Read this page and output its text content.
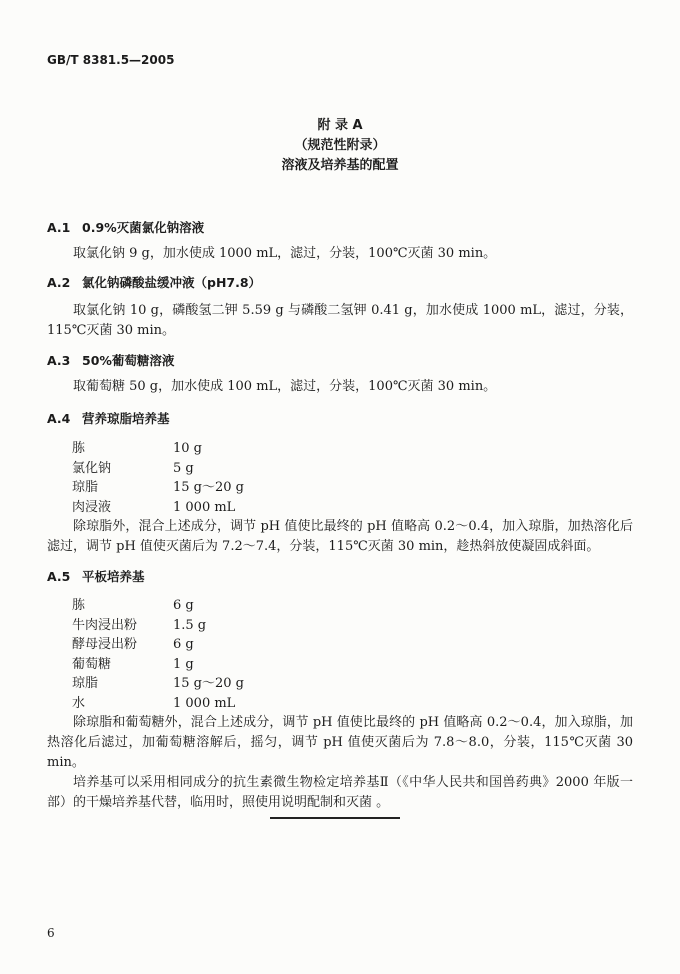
GB/T 8381.5—2005
附 录 A
（规范性附录）
溶液及培养基的配置
A.1 0.9%灭菌氯化钠溶液

取氯化钠 9 g，加水使成 1000 mL，滤过，分装，100℃灭菌 30 min。

A.2 氯化钠磷酸盐缓冲液（pH7.8）

取氯化钠 10 g，磷酸氢二钾 5.59 g 与磷酸二氢钾 0.41 g，加水使成 1000 mL，滤过，分装，115℃灭菌 30 min。

A.3 50%葡萄糖溶液

取葡萄糖 50 g，加水使成 100 mL，滤过，分装，100℃灭菌 30 min。

A.4 营养琼脂培养基
胨	10 g
氯化钠	5 g
琼脂	15 g～20 g
肉浸液	1 000 mL

除琼脂外，混合上述成分，调节 pH 值使比最终的 pH 值略高 0.2～0.4，加入琼脂，加热溶化后滤过，调节 pH 值使灭菌后为 7.2～7.4，分装，115℃灭菌 30 min，趁热斜放使凝固成斜面。

A.5 平板培养基
胨	6 g
牛肉浸出粉	1.5 g
酵母浸出粉	6 g
葡萄糖	1 g
琼脂	15 g～20 g
水	1 000 mL

除琼脂和葡萄糖外，混合上述成分，调节 pH 值使比最终的 pH 值略高 0.2～0.4，加入琼脂，加热溶化后滤过，加葡萄糖溶解后，摇匀，调节 pH 值使灭菌后为 7.8～8.0，分装，115℃灭菌 30 min。

培养基可以采用相同成分的抗生素微生物检定培养基Ⅱ（《中华人民共和国兽药典》2000 年版一部）的干燥培养基代替，临用时，照使用说明配制和灭菌 。

6
